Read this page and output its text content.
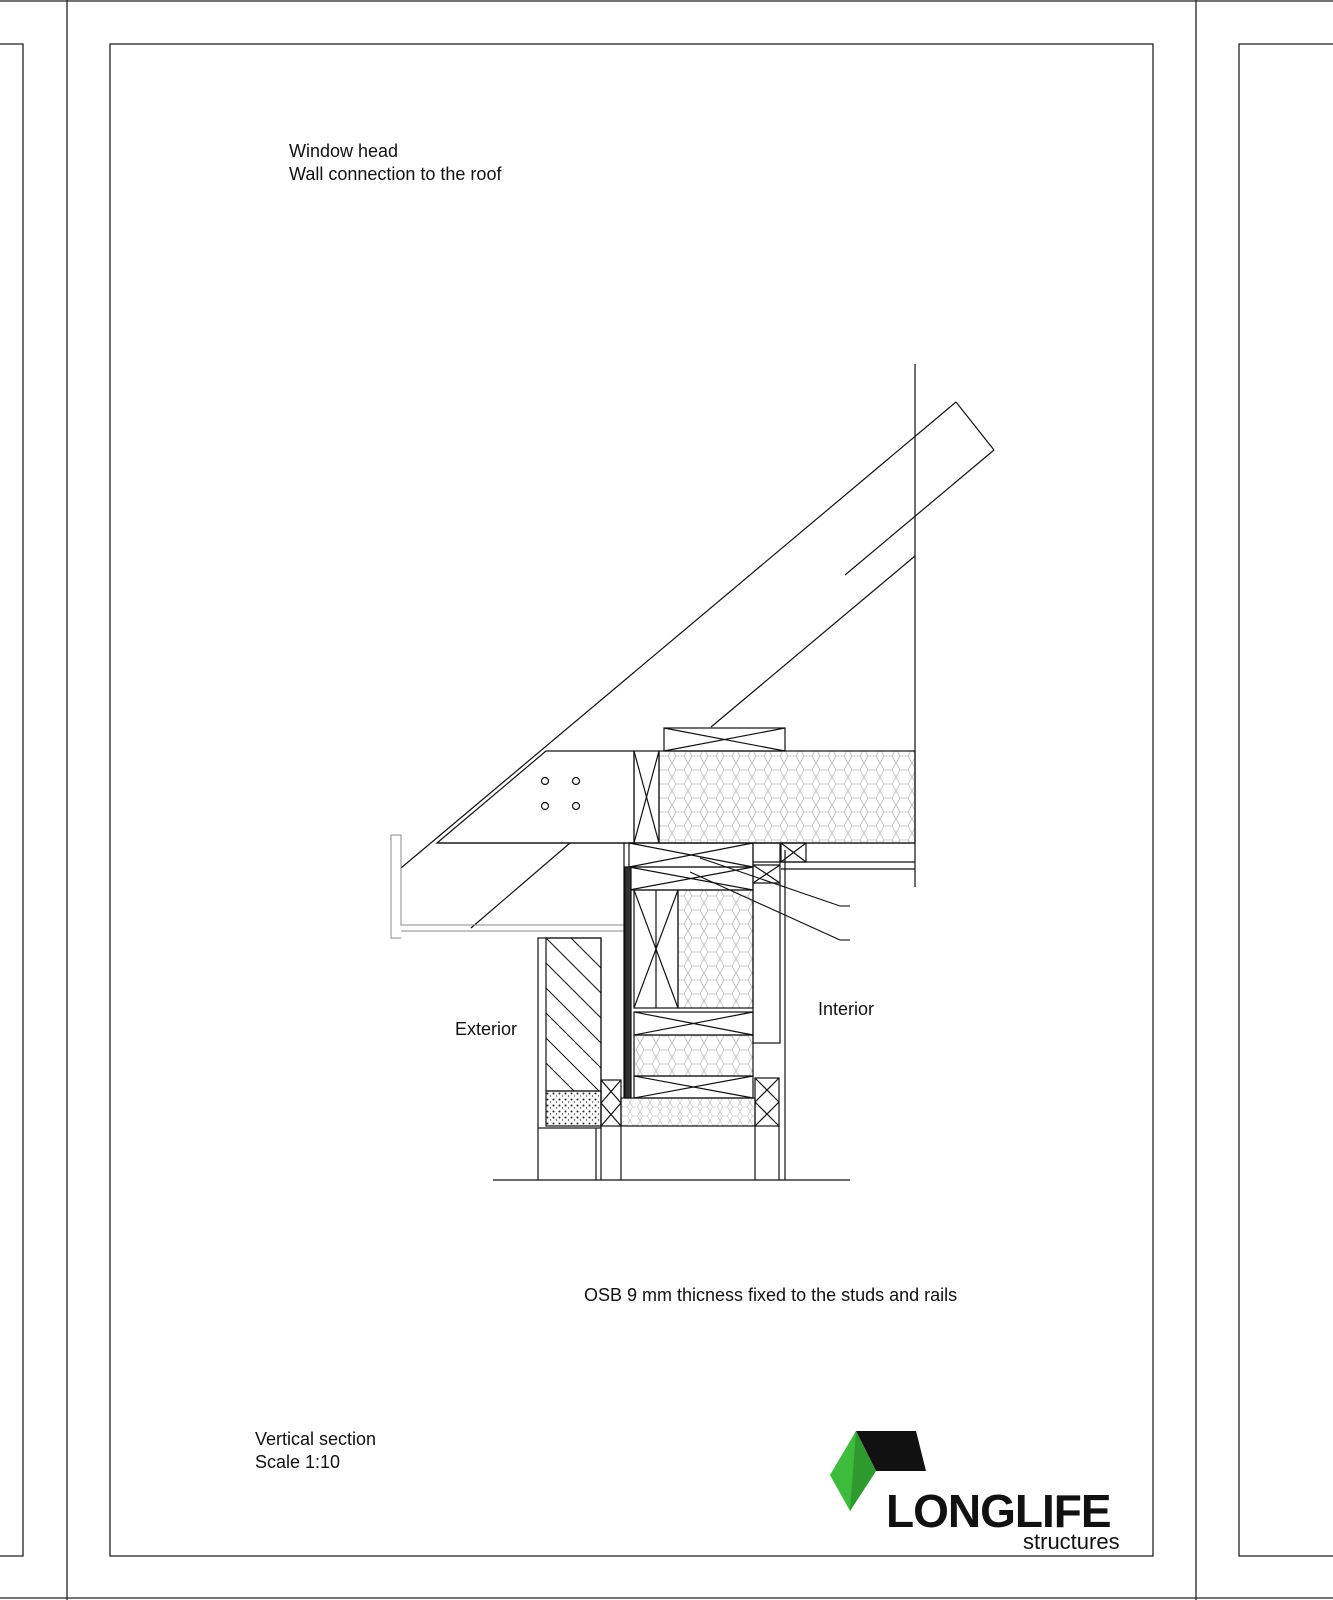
Window head
Wall connection to the roof
Exterior
Interior
OSB 9 mm thicness fixed to the studs and rails
Vertical section
Scale 1:10
LONGLIFE
structures
